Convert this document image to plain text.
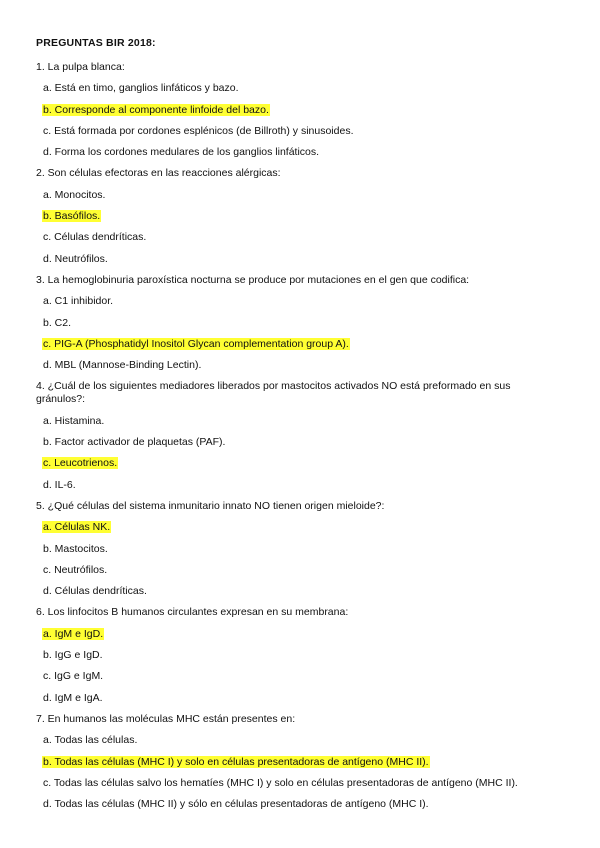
PREGUNTAS BIR 2018:
1. La pulpa blanca:
a. Está en timo, ganglios linfáticos y bazo.
b. Corresponde al componente linfoide del bazo.
c. Está formada por cordones esplénicos (de Billroth) y sinusoides.
d. Forma los cordones medulares de los ganglios linfáticos.
2. Son células efectoras en las reacciones alérgicas:
a. Monocitos.
b. Basófilos.
c. Células dendríticas.
d. Neutrófilos.
3. La hemoglobinuria paroxística nocturna se produce por mutaciones en el gen que codifica:
a. C1 inhibidor.
b. C2.
c. PIG-A (Phosphatidyl Inositol Glycan complementation group A).
d. MBL (Mannose-Binding Lectin).
4. ¿Cuál de los siguientes mediadores liberados por mastocitos activados NO está preformado en sus gránulos?:
a. Histamina.
b. Factor activador de plaquetas (PAF).
c. Leucotrienos.
d. IL-6.
5. ¿Qué células del sistema inmunitario innato NO tienen origen mieloide?:
a. Células NK.
b. Mastocitos.
c. Neutrófilos.
d. Células dendríticas.
6. Los linfocitos B humanos circulantes expresan en su membrana:
a. IgM e IgD.
b. IgG e IgD.
c. IgG e IgM.
d. IgM e IgA.
7. En humanos las moléculas MHC están presentes en:
a. Todas las células.
b. Todas las células (MHC I) y solo en células presentadoras de antígeno (MHC II).
c. Todas las células salvo los hematíes (MHC I) y solo en células presentadoras de antígeno (MHC II).
d. Todas las células (MHC II) y sólo en células presentadoras de antígeno (MHC I).
